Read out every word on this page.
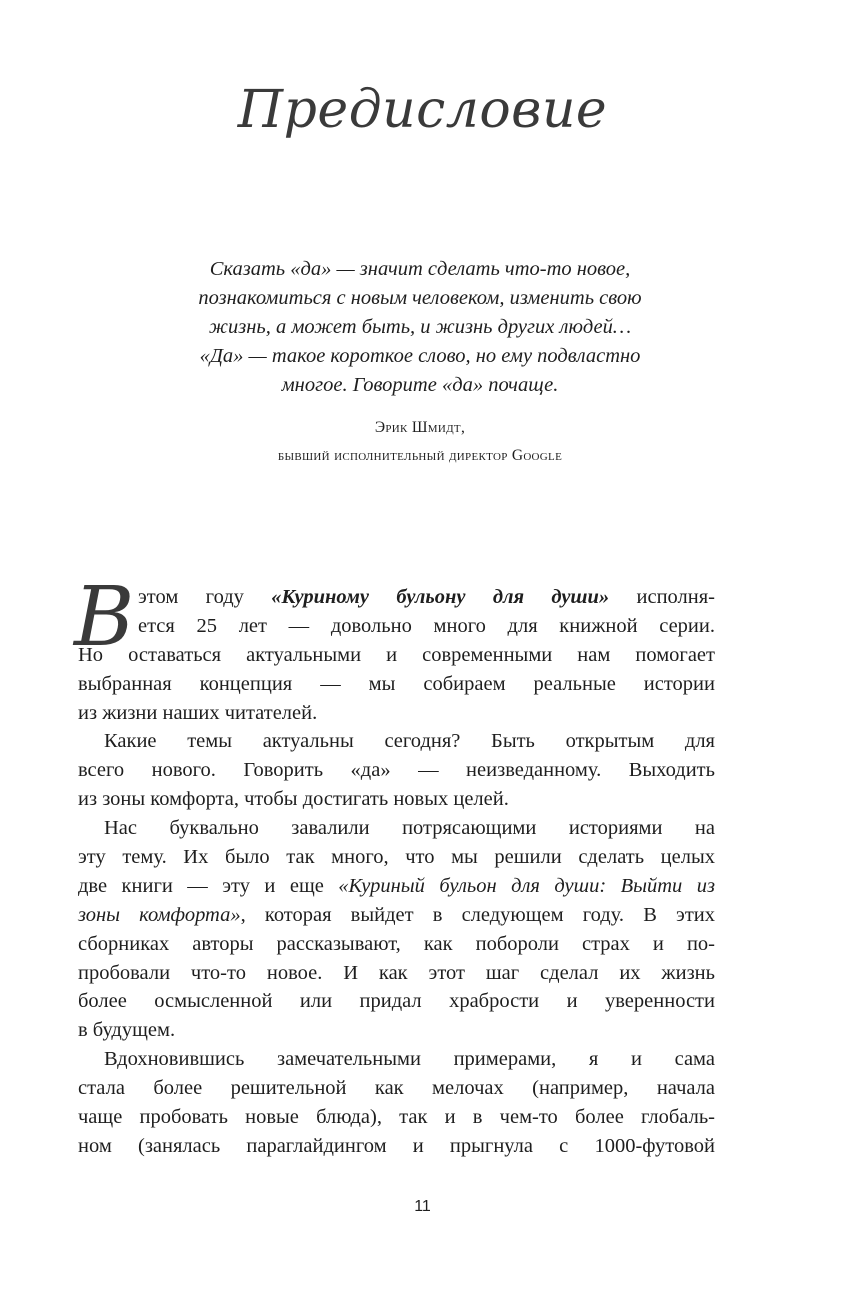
Предисловие

Сказать «да» — значит сделать что-то новое,
познакомиться с новым человеком, изменить свою
жизнь, а может быть, и жизнь других людей…
«Да» — такое короткое слово, но ему подвластно
многое. Говорите «да» почаще.

Эрик Шмидт,
бывший исполнительный директор Google
В этом году «Куриному бульону для души» исполня-
ется 25 лет — довольно много для книжной серии.
Но оставаться актуальными и современными нам помогает
выбранная концепция — мы собираем реальные истории
из жизни наших читателей.
Какие темы актуальны сегодня? Быть открытым для
всего нового. Говорить «да» — неизведанному. Выходить
из зоны комфорта, чтобы достигать новых целей.
Нас буквально завалили потрясающими историями на
эту тему. Их было так много, что мы решили сделать целых
две книги — эту и еще «Куриный бульон для души: Выйти из
зоны комфорта», которая выйдет в следующем году. В этих
сборниках авторы рассказывают, как побороли страх и по-
пробовали что-то новое. И как этот шаг сделал их жизнь
более осмысленной или придал храбрости и уверенности
в будущем.
Вдохновившись замечательными примерами, я и сама
стала более решительной как мелочах (например, начала
чаще пробовать новые блюда), так и в чем-то более глобаль-
ном (занялась параглайдингом и прыгнула с 1000-футовой
11
